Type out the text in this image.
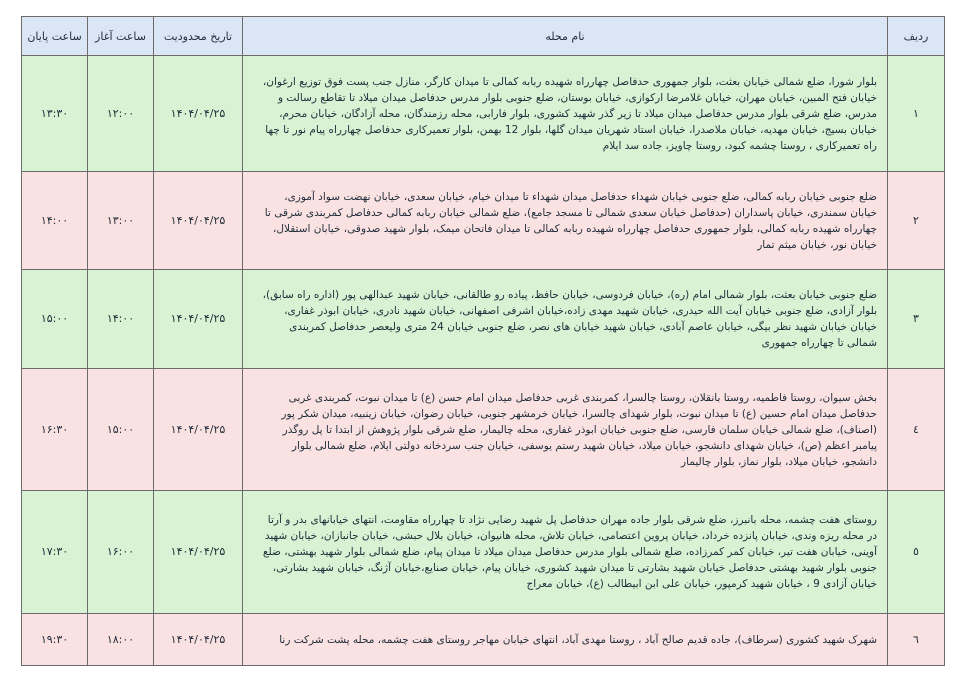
ردیف	نام محله	تاریخ محدودیت	ساعت آغاز	ساعت پایان
١	بلوار شورا، ضلع شمالی خیابان بعثت، بلوار جمهوری حدفاصل چهارراه شهیده ربابه کمالی تا میدان کارگر، منازل جنب پست فوق توزیع ارغوان، خیابان فتح المبین، خیابان مهران، خیابان غلامرضا ارکوازی، خیابان بوستان، ضلع جنوبی بلوار مدرس حدفاصل میدان میلاد تا تقاطع رسالت و مدرس، ضلع شرقی بلوار مدرس حدفاصل میدان میلاد تا زیر گذر شهید کشوری، بلوار فارابی، محله رزمندگان، محله آزادگان، خیابان محرم، خیابان بسیج، خیابان مهدیه، خیابان ملاصدرا، خیابان استاد شهریان میدان گلها، بلوار 12 بهمن، بلوار تعمیرکاری حدفاصل چهارراه پیام نور تا چها راه تعمیرکاری ، روستا چشمه کبود، روستا چاویز، جاده سد ایلام	۱۴۰۴/۰۴/۲۵	۱۲:۰۰	۱۳:۳۰
٢	ضلع جنوبی خیابان ربابه کمالی، ضلع جنوبی خیابان شهداء حدفاصل میدان شهداء تا میدان خیام، خیابان سعدی، خیابان نهضت سواد آموزی، خیابان سمندری، خیابان پاسداران (حدفاصل خیابان سعدی شمالی تا مسجد جامع)، ضلع شمالی خیابان ربابه کمالی حدفاصل کمربندی شرقی تا چهارراه شهیده ربابه کمالی، بلوار جمهوری حدفاصل چهارراه شهیده ربابه کمالی تا میدان فاتحان میمک، بلوار شهید صدوقی، خیابان استقلال، خیابان نور، خیابان میثم تمار	۱۴۰۴/۰۴/۲۵	۱۳:۰۰	۱۴:۰۰
٣	ضلع جنوبی خیابان بعثت، بلوار شمالی امام (ره)، خیابان فردوسی، خیابان حافظ، پیاده رو طالقانی، خیابان شهید عبدالهی پور (اداره راه سابق)، بلوار آزادی، ضلع جنوبی خیابان آیت الله حیدری، خیابان شهید مهدی زاده،خیابان اشرفی اصفهانی، خیابان شهید نادری، خیابان ابوذر غفاری، خیابان خیابان شهید نظر بیگی، خیابان عاصم آبادی، خیابان شهید خیابان های نصر، ضلع جنوبی خیابان 24 متری ولیعصر حدفاصل کمربندی شمالی تا چهارراه جمهوری	۱۴۰۴/۰۴/۲۵	۱۴:۰۰	۱۵:۰۰
٤	بخش سیوان، روستا فاطمیه، روستا بانقلان، روستا چالسرا، کمربندی غربی حدفاصل میدان امام حسن (ع) تا میدان نبوت، کمربندی غربی حدفاصل میدان امام حسین (ع) تا میدان نبوت، بلوار شهدای چالسرا، خیابان خرمشهر جنوبی، خیابان رضوان، خیابان زینبیه، میدان شکر پور (اصناف)، ضلع شمالی خیابان سلمان فارسی، ضلع جنوبی خیابان ابوذر غفاری، محله چالیمار، ضلع شرقی بلوار پژوهش از ابتدا تا پل روگذر پیامبر اعظم (ص)، خیابان شهدای دانشجو، خیابان میلاد، خیابان شهید رستم یوسفی، خیابان جنب سردخانه دولتی ایلام، ضلع شمالی بلوار دانشجو، خیابان میلاد، بلوار نماز، بلوار چالیمار	۱۴۰۴/۰۴/۲۵	۱۵:۰۰	۱۶:۳۰
٥	روستای هفت چشمه، محله بانبرز، ضلع شرقی بلوار جاده مهران حدفاصل پل شهید رضایی نژاد تا چهارراه مقاومت، انتهای خیابانهای بدر و آرتا در محله ریزه وندی، خیابان پانزده خرداد، خیابان پروین اعتصامی، خیابان تلاش، محله هانیوان، خیابان بلال حبشی، خیابان جانبازان، خیابان شهید آوینی، خیابان هفت تیر، خیابان کمر کمرزاده، ضلع شمالی بلوار مدرس حدفاصل میدان میلاد تا میدان پیام، ضلع شمالی بلوار شهید بهشتی، ضلع جنوبی بلوار شهید بهشتی حدفاصل خیابان شهید بشارتی تا میدان شهید کشوری، خیابان پیام، خیابان صنایع،خیابان آژنگ، خیابان شهید بشارتی، خیابان آزادی 9 ، خیابان شهید کرمپور، خیابان علی ابن ابیطالب (ع)، خیابان معراج	۱۴۰۴/۰۴/۲۵	۱۶:۰۰	۱۷:۳۰
٦	شهرک شهید کشوری (سرطاف)، جاده قدیم صالح آباد ، روستا مهدی آباد، انتهای خیابان مهاجر روستای هفت چشمه، محله پشت شرکت رنا	۱۴۰۴/۰۴/۲۵	۱۸:۰۰	۱۹:۳۰
